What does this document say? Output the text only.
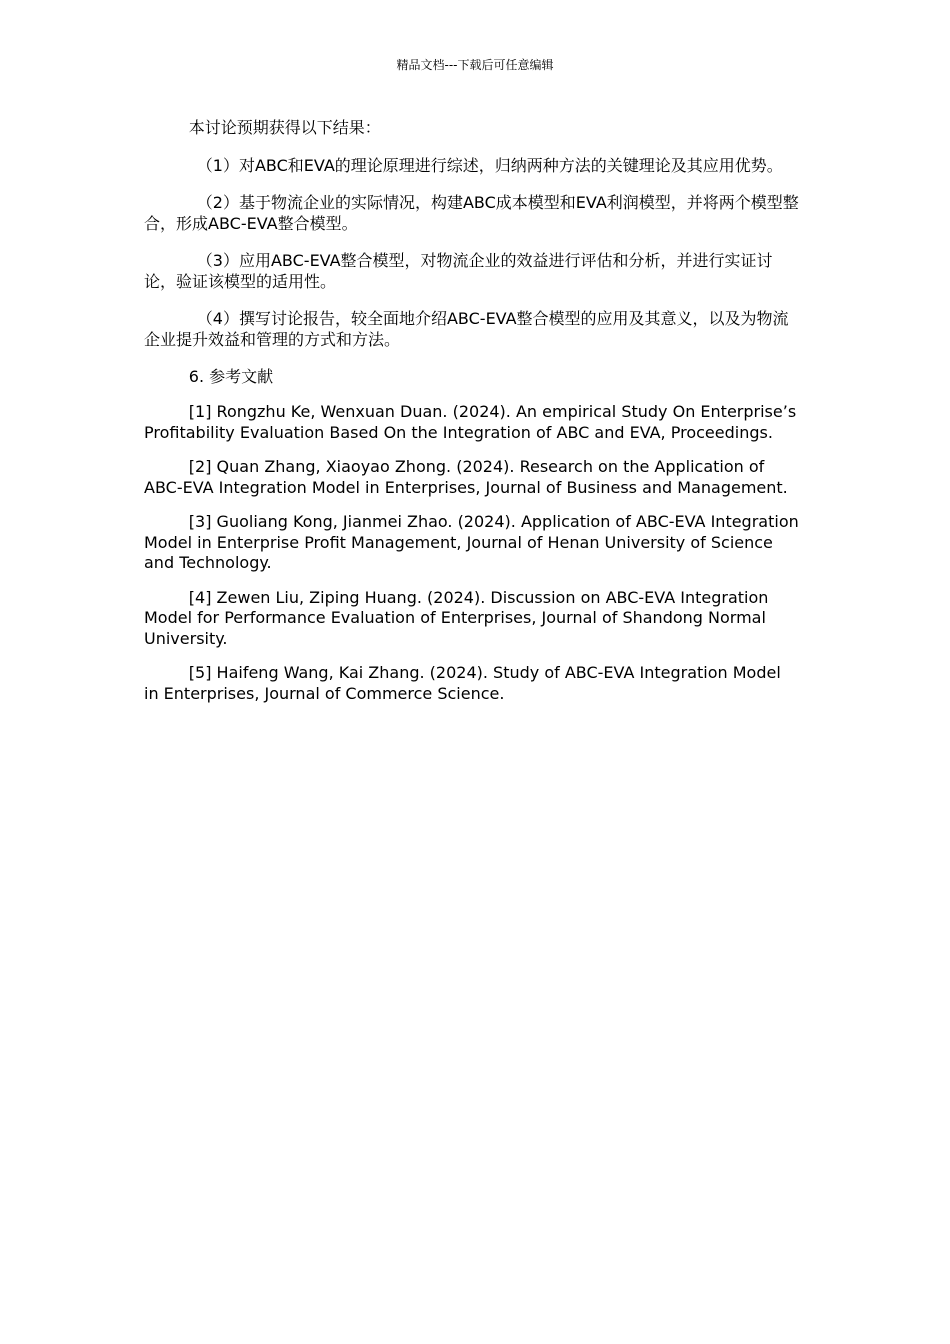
精品文档---下载后可任意编辑

本讨论预期获得以下结果：

（1）对ABC和EVA的理论原理进行综述，归纳两种方法的关键理论及其应用优势。

（2）基于物流企业的实际情况，构建ABC成本模型和EVA利润模型，并将两个模型整合，形成ABC-EVA整合模型。

（3）应用ABC-EVA整合模型，对物流企业的效益进行评估和分析，并进行实证讨论，验证该模型的适用性。

（4）撰写讨论报告，较全面地介绍ABC-EVA整合模型的应用及其意义，以及为物流企业提升效益和管理的方式和方法。

6. 参考文献

[1] Rongzhu Ke, Wenxuan Duan. (2024). An empirical Study On Enterprise’s Profitability Evaluation Based On the Integration of ABC and EVA, Proceedings.

[2] Quan Zhang, Xiaoyao Zhong. (2024). Research on the Application of ABC-EVA Integration Model in Enterprises, Journal of Business and Management.

[3] Guoliang Kong, Jianmei Zhao. (2024). Application of ABC-EVA Integration Model in Enterprise Profit Management, Journal of Henan University of Science and Technology.

[4] Zewen Liu, Ziping Huang. (2024). Discussion on ABC-EVA Integration Model for Performance Evaluation of Enterprises, Journal of Shandong Normal University.

[5] Haifeng Wang, Kai Zhang. (2024). Study of ABC-EVA Integration Model in Enterprises, Journal of Commerce Science.
